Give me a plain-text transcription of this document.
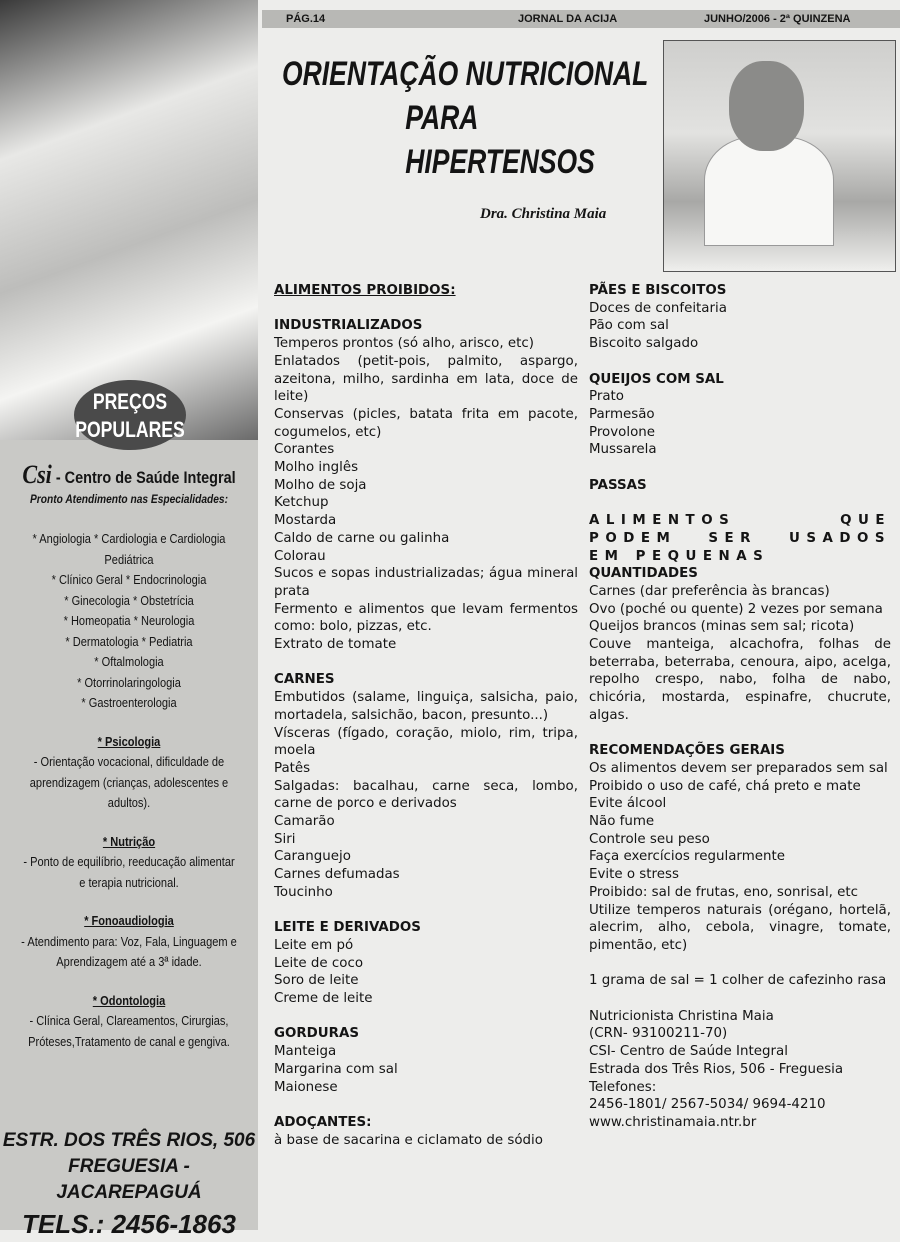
PREÇOS
POPULARES
Csi - Centro de Saúde Integral
Pronto Atendimento nas Especialidades:
* Angiologia * Cardiologia e Cardiologia Pediátrica
* Clínico Geral * Endocrinologia
* Ginecologia * Obstetrícia
* Homeopatia * Neurologia
* Dermatologia * Pediatria
* Oftalmologia
* Otorrinolaringologia
* Gastroenterologia
* Psicologia
- Orientação vocacional, dificuldade de aprendizagem (crianças, adolescentes e adultos).
* Nutrição
- Ponto de equilíbrio, reeducação alimentar e terapia nutricional.
* Fonoaudiologia
- Atendimento para: Voz, Fala, Linguagem e Aprendizagem até a 3ª idade.
* Odontologia
- Clínica Geral, Clareamentos, Cirurgias, Próteses,Tratamento de canal e gengiva.
ESTR. DOS TRÊS RIOS, 506
FREGUESIA - JACAREPAGUÁ
TELS.: 2456-1863
PÁG.14	JORNAL DA ACIJA	JUNHO/2006 - 2ª QUINZENA
ORIENTAÇÃO NUTRICIONAL
PARA HIPERTENSOS
Dra. Christina Maia
ALIMENTOS PROIBIDOS:
INDUSTRIALIZADOS
Temperos prontos (só alho, arisco, etc)
Enlatados (petit-pois, palmito, aspargo, azeitona, milho, sardinha em lata, doce de leite)
Conservas (picles, batata frita em pacote, cogumelos, etc)
Corantes
Molho inglês
Molho de soja
Ketchup
Mostarda
Caldo de carne ou galinha
Colorau
Sucos e sopas industrializadas; água mineral prata
Fermento e alimentos que levam fermentos como: bolo, pizzas, etc.
Extrato de tomate
CARNES
Embutidos (salame, linguiça, salsicha, paio, mortadela, salsichão, bacon, presunto...)
Vísceras (fígado, coração, miolo, rim, tripa, moela
Patês
Salgadas: bacalhau, carne seca, lombo, carne de porco e derivados
Camarão
Siri
Caranguejo
Carnes defumadas
Toucinho
LEITE E DERIVADOS
Leite em pó
Leite de coco
Soro de leite
Creme de leite
GORDURAS
Manteiga
Margarina com sal
Maionese
ADOÇANTES:
à base de sacarina e ciclamato de sódio
PÃES E BISCOITOS
Doces de confeitaria
Pão com sal
Biscoito salgado
QUEIJOS COM SAL
Prato
Parmesão
Provolone
Mussarela
PASSAS
ALIMENTOS QUE PODEM SER USADOS EM PEQUENAS
QUANTIDADES
Carnes (dar preferência às brancas)
Ovo (poché ou quente) 2 vezes por semana
Queijos brancos (minas sem sal; ricota)
Couve manteiga, alcachofra, folhas de beterraba, beterraba, cenoura, aipo, acelga, repolho crespo, nabo, folha de nabo, chicória, mostarda, espinafre, chucrute, algas.
RECOMENDAÇÕES GERAIS
Os alimentos devem ser preparados sem sal
Proibido o uso de café, chá preto e mate
Evite álcool
Não fume
Controle seu peso
Faça exercícios regularmente
Evite o stress
Proibido: sal de frutas, eno, sonrisal, etc
Utilize temperos naturais (orégano, hortelã, alecrim, alho, cebola, vinagre, tomate, pimentão, etc)
1 grama de sal = 1 colher de cafezinho rasa
Nutricionista Christina Maia
(CRN- 93100211-70)
CSI- Centro de Saúde Integral
Estrada dos Três Rios, 506 - Freguesia
Telefones:
2456-1801/ 2567-5034/ 9694-4210
www.christinamaia.ntr.br
